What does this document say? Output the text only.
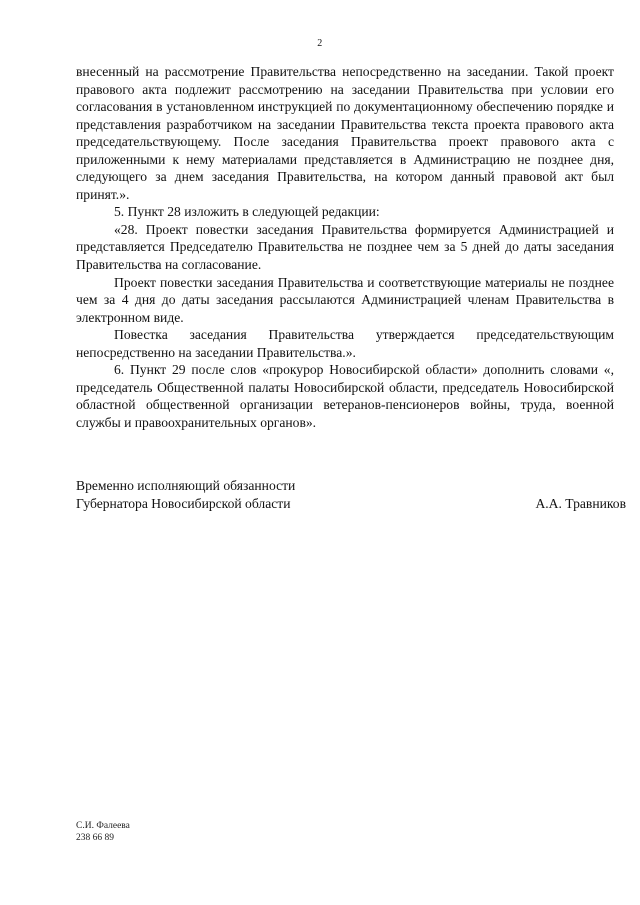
2

внесенный на рассмотрение Правительства непосредственно на заседании. Такой проект правового акта подлежит рассмотрению на заседании Правительства при условии его согласования в установленном инструкцией по документационному обеспечению порядке и представления разработчиком на заседании Правительства текста проекта правового акта председательствующему. После заседания Правительства проект правового акта с приложенными к нему материалами представляется в Администрацию не позднее дня, следующего за днем заседания Правительства, на котором данный правовой акт был принят.».

5. Пункт 28 изложить в следующей редакции:

«28. Проект повестки заседания Правительства формируется Администрацией и представляется Председателю Правительства не позднее чем за 5 дней до даты заседания Правительства на согласование.

Проект повестки заседания Правительства и соответствующие материалы не позднее чем за 4 дня до даты заседания рассылаются Администрацией членам Правительства в электронном виде.

Повестка заседания Правительства утверждается председательствующим непосредственно на заседании Правительства.».

6. Пункт 29 после слов «прокурор Новосибирской области» дополнить словами «, председатель Общественной палаты Новосибирской области, председатель Новосибирской областной общественной организации ветеранов-пенсионеров войны, труда, военной службы и правоохранительных органов».

Временно исполняющий обязанности
Губернатора Новосибирской области	А.А. Травников
С.И. Фалеева
238 66 89
